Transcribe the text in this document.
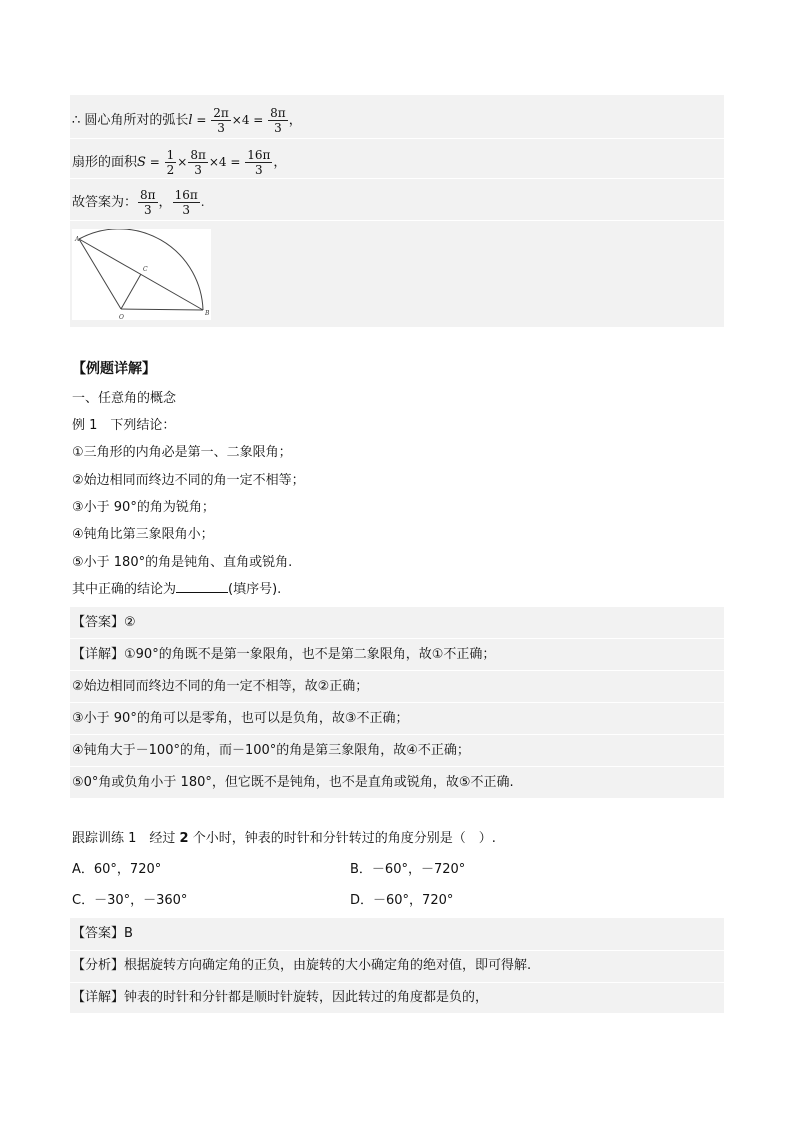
∴ 圆心角所对的弧长$l = \frac{2\pi}{3} \times 4 = \frac{8\pi}{3}$ ，
扇形的面积$S = \frac{1}{2} \times \frac{8\pi}{3} \times 4 = \frac{16\pi}{3}$ ，
故答案为： $\frac{8\pi}{3}$ ， $\frac{16\pi}{3}$ .
A
B
C
O
【例题详解】
一、任意角的概念
例 1　下列结论：
①三角形的内角必是第一、二象限角；
②始边相同而终边不同的角一定不相等；
③小于 90°的角为锐角；
④钝角比第三象限角小；
⑤小于 180°的角是钝角、直角或锐角.
其中正确的结论为	(填序号).
【答案】②
【详解】①90°的角既不是第一象限角，也不是第二象限角，故①不正确；
②始边相同而终边不同的角一定不相等，故②正确；
③小于 90°的角可以是零角，也可以是负角，故③不正确；
④钝角大于－100°的角，而－100°的角是第三象限角，故④不正确；
⑤0°角或负角小于 180°，但它既不是钝角，也不是直角或锐角，故⑤不正确.
跟踪训练 1　经过 2 个小时，钟表的时针和分针转过的角度分别是（　）.
A．60°，720°	B．－60°，－720°
C．－30°，－360°	D．－60°，720°
【答案】B
【分析】根据旋转方向确定角的正负，由旋转的大小确定角的绝对值，即可得解.
【详解】钟表的时针和分针都是顺时针旋转，因此转过的角度都是负的，
